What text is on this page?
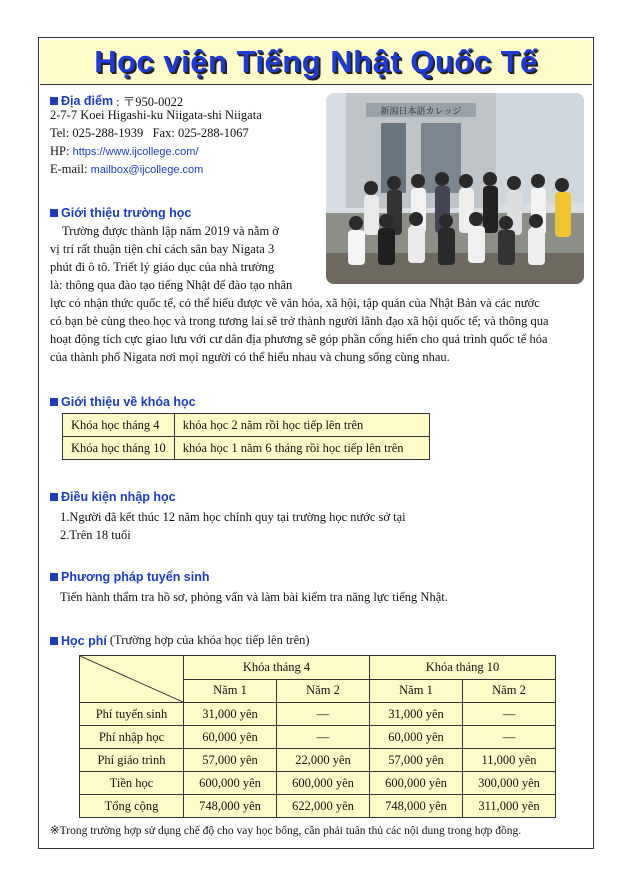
Học viện Tiếng Nhật Quốc Tế
Địa điểm : 〒950-0022
2-7-7 Koei Higashi-ku Niigata-shi Niigata
Tel: 025-288-1939 Fax: 025-288-1067
HP: https://www.ijcollege.com/
E-mail: mailbox@ijcollege.com
新潟日本語カレッジ
Giới thiệu trường học
Trường được thành lập năm 2019 và nằm ở
vị trí rất thuận tiện chỉ cách sân bay Nigata 3
phút đi ô tô. Triết lý giáo dục của nhà trường
là: thông qua đào tạo tiếng Nhật để đào tạo nhân
lực có nhận thức quốc tế, có thể hiểu được về văn hóa, xã hội, tập quán của Nhật Bản và các nước
có bạn bè cùng theo học và trong tương lai sẽ trở thành người lãnh đạo xã hội quốc tế; và thông qua
hoạt động tích cực giao lưu với cư dân địa phương sẽ góp phần cống hiến cho quá trình quốc tế hóa
của thành phố Nigata nơi mọi người có thể hiểu nhau và chung sống cùng nhau.
Giới thiệu về khóa học
Khóa học tháng 4	khóa học 2 năm rồi học tiếp lên trên
Khóa học tháng 10	khóa học 1 năm 6 tháng rồi học tiếp lên trên
Điều kiện nhập học
1.Người đã kết thúc 12 năm học chính quy tại trường học nước sở tại
2.Trên 18 tuổi
Phương pháp tuyển sinh
Tiến hành thẩm tra hồ sơ, phỏng vấn và làm bài kiểm tra năng lực tiếng Nhật.
Học phí (Trường hợp của khóa học tiếp lên trên)
	Khóa tháng 4		Khóa tháng 10	
	Năm 1	Năm 2	Năm 1	Năm 2
Phí tuyển sinh	31,000 yên	—	31,000 yên	—
Phí nhập học	60,000 yên	—	60,000 yên	—
Phí giáo trình	57,000 yên	22,000 yên	57,000 yên	11,000 yên
Tiền học	600,000 yên	600,000 yên	600,000 yên	300,000 yên
Tổng cộng	748,000 yên	622,000 yên	748,000 yên	311,000 yên
※Trong trường hợp sử dụng chế độ cho vay học bổng, cần phải tuân thủ các nội dung trong hợp đồng.
